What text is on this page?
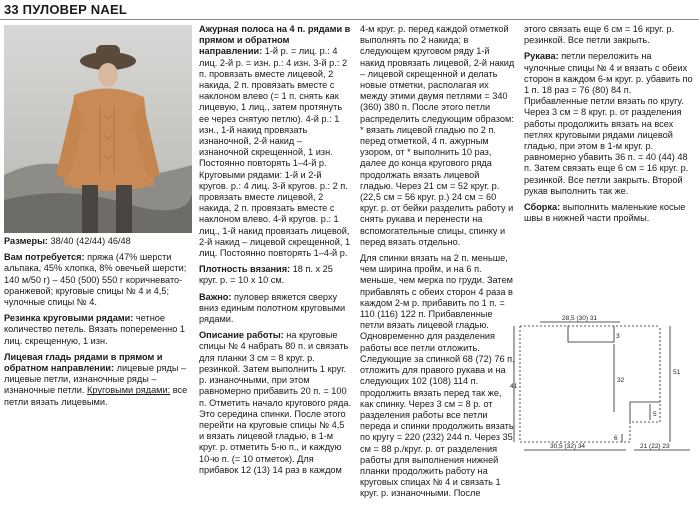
33 ПУЛОВЕР NAEL

Размеры: 38/40 (42/44) 46/48

Вам потребуется: пряжа (47% шерсти альпака, 45% хлопка, 8% овечьей шерсти; 140 м/50 г) – 450 (500) 550 г коричневато-оранжевой; круговые спицы № 4 и 4,5; чулочные спицы № 4.

Резинка круговыми рядами: четное количество петель. Вязать попеременно 1 лиц. скрещенную, 1 изн.

Лицевая гладь рядами в прямом и обратном направлении: лицевые ряды – лицевые петли, изнаночные ряды – изнаночные петли. Круговыми рядами: все петли вязать лицевыми.

Ажурная полоса на 4 п. рядами в прямом и обратном направлении: 1-й р. = лиц. р.: 4 лиц. 2-й р. = изн. р.: 4 изн. 3-й р.: 2 п. провязать вместе лицевой, 2 накида, 2 п. провязать вместе с наклоном влево (= 1 п. снять как лицевую, 1 лиц., затем протянуть ее через снятую петлю). 4-й р.: 1 изн., 1-й накид провязать изнаночной, 2-й накид – изнаночной скрещенной, 1 изн. Постоянно повторять 1–4-й р. Круговыми рядами: 1-й и 2-й кругов. р.: 4 лиц. 3-й кругов. р.: 2 п. провязать вместе лицевой, 2 накида, 2 п. провязать вместе с наклоном влево. 4-й кругов. р.: 1 лиц., 1-й накид провязать лицевой, 2-й накид – лицевой скрещенной, 1 лиц. Постоянно повторять 1–4-й р.

Плотность вязания: 18 п. х 25 круг. р. = 10 х 10 см.

Важно: пуловер вяжется сверху вниз единым полотном круговыми рядами.

Описание работы: на круговые спицы № 4 набрать 80 п. и связать для планки 3 см = 8 круг. р. резинкой. Затем выполнить 1 круг. р. изнаночными, при этом равномерно прибавить 20 п. = 100 п. Отметить начало кругового ряда. Это середина спинки. После этого перейти на круговые спицы № 4,5 и вязать лицевой гладью, в 1-м круг. р. отметить 5-ю п., и каждую 10-ю п. (= 10 отметок). Для прибавок 12 (13) 14 раз в каждом

4-м круг. р. перед каждой отметкой выполнять по 2 накида; в следующем круговом ряду 1-й накид провязать лицевой, 2-й накид – лицевой скрещенной и делать новые отметки, располагая их между этими двумя петлями = 340 (360) 380 п. После этого петли распределить следующим образом: * вязать лицевой гладью по 2 п. перед отметкой, 4 п. ажурным узором, от * выполнить 10 раз, далее до конца кругового ряда продолжать вязать лицевой гладью. Через 21 см = 52 круг. р. (22,5 см = 56 круг. р.) 24 см = 60 круг. р. от бейки разделить работу и снять рукава и перенести на вспомогательные спицы, спинку и перед вязать отдельно.

Для спинки вязать на 2 п. меньше, чем ширина пройм, и на 6 п. меньше, чем мерка по груди. Затем прибавлять с обеих сторон 4 раза в каждом 2-м р. прибавить по 1 п. = 110 (116) 122 п. Прибавленные петли вязать лицевой гладью. Одновременно для разделения работы все петли отложить. Следующие за спинкой 68 (72) 76 п. отложить для правого рукава и на следующих 102 (108) 114 п. продолжить вязать перед так же, как спинку. Через 3 см = 8 р. от разделения работы все петли переда и спинки продолжить вязать по кругу = 220 (232) 244 п. Через 35 см = 88 р./круг. р. от разделения работы для выполнения нижней планки продолжить работу на круговых спицах № 4 и связать 1 круг. р. изнаночными. После

этого связать еще 6 см = 16 круг. р. резинкой. Все петли закрыть.

Рукава: петли переложить на чулочные спицы № 4 и вязать с обеих сторон в каждом 6-м круг. р. убавить по 1 п. 18 раз = 76 (80) 84 п. Прибавленные петли вязать по кругу. Через 3 см = 8 круг. р. от разделения работы продолжить вязать на всех петлях круговыми рядами лицевой гладью, при этом в 1-м круг. р. равномерно убавить 36 п. = 40 (44) 48 п. Затем связать еще 6 см = 16 круг. р. резинкой. Все петли закрыть. Второй рукав выполнить так же.

Сборка: выполнить маленькие косые швы в нижней части проймы.

28,5 (30) 31
30,5 (32) 34	21 (22) 23
41
51
32
3
6
5
